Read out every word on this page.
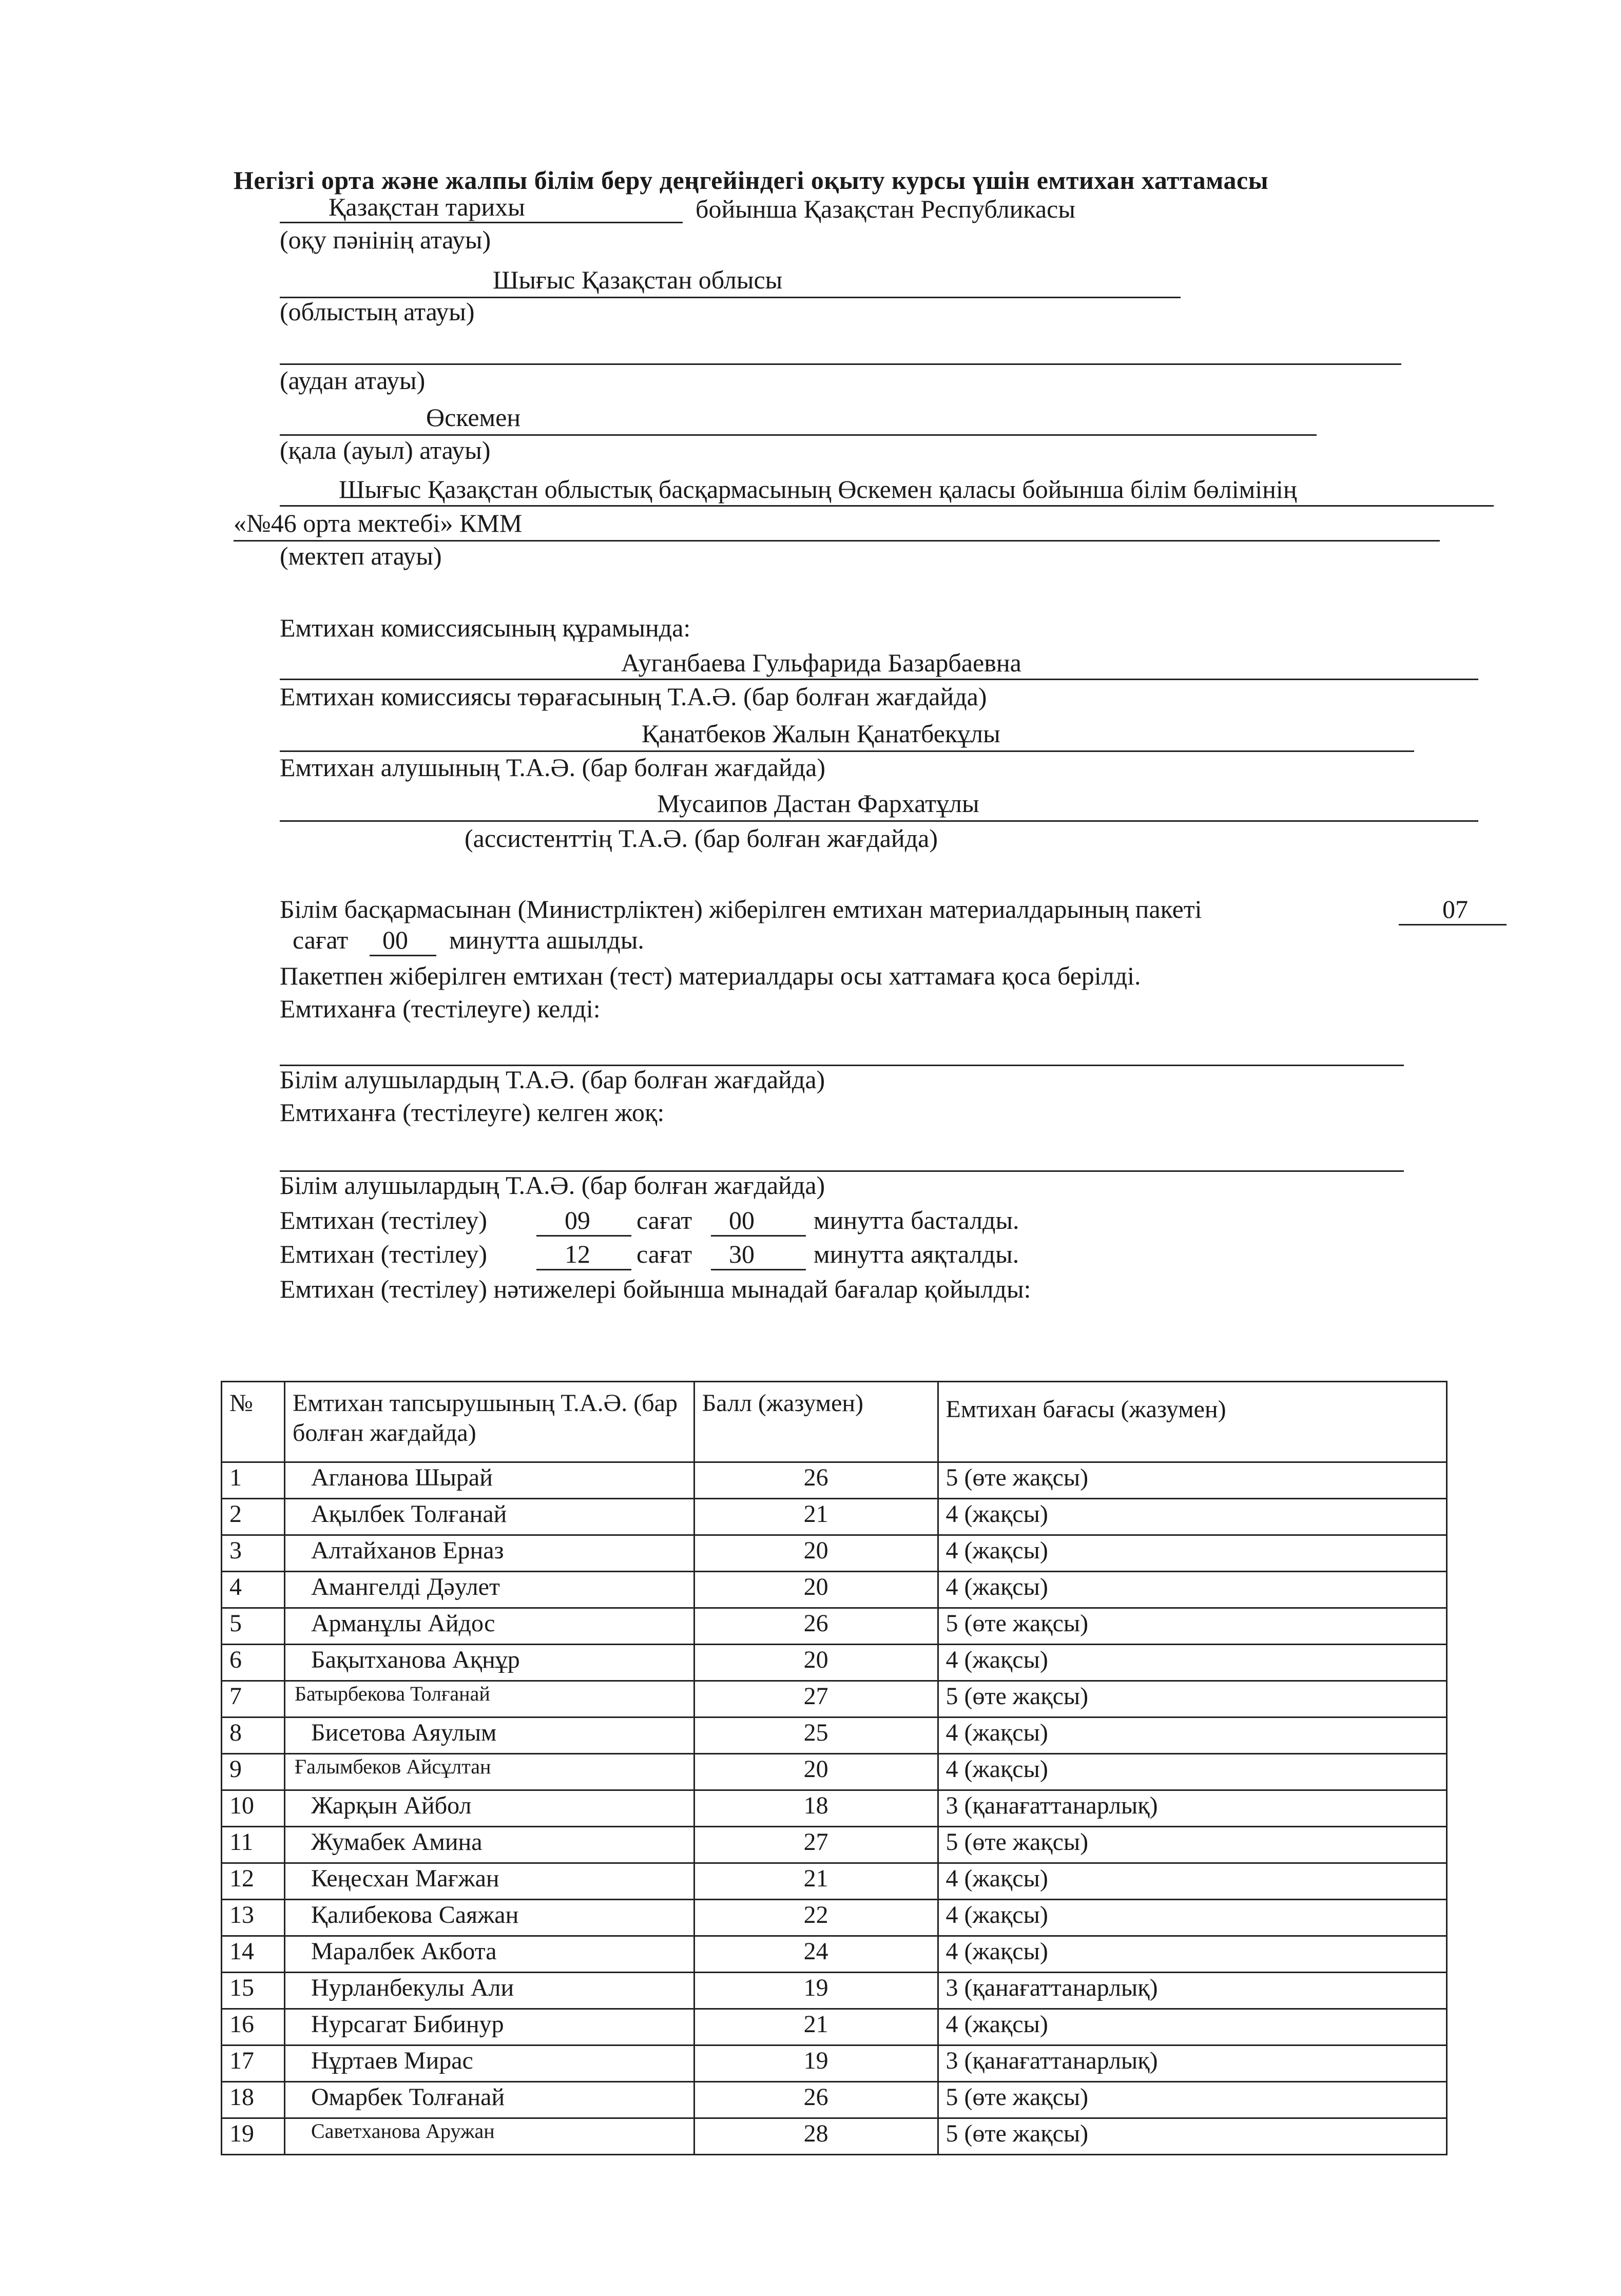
Негізгі орта және жалпы білім беру деңгейіндегі оқыту курсы үшін емтихан хаттамасы
Қазақстан тарихы	бойынша Қазақстан Республикасы
(оқу пәнінің атауы)
Шығыс Қазақстан облысы
(облыстың атауы)
(аудан атауы)
Өскемен
(қала (ауыл) атауы)
Шығыс Қазақстан облыстық басқармасының Өскемен қаласы бойынша білім бөлімінің
«№46 орта мектебі» КММ
(мектеп атауы)
Емтихан комиссиясының құрамында:
Ауганбаева Гульфарида Базарбаевна
Емтихан комиссиясы төрағасының Т.А.Ә. (бар болған жағдайда)
Қанатбеков Жалын Қанатбекұлы
Емтихан алушының Т.А.Ә. (бар болған жағдайда)
Мусаипов Дастан Фархатұлы
(ассистенттің Т.А.Ә. (бар болған жағдайда)
Білім басқармасынан (Министрліктен) жіберілген емтихан материалдарының пакеті	07
сағат 00 минутта ашылды.
Пакетпен жіберілген емтихан (тест) материалдары осы хаттамаға қоса берілді.
Емтиханға (тестілеуге) келді:
Білім алушылардың Т.А.Ә. (бар болған жағдайда)
Емтиханға (тестілеуге) келген жоқ:
Білім алушылардың Т.А.Ә. (бар болған жағдайда)
Емтихан (тестілеу)	09 сағат 00 минутта басталды.
Емтихан (тестілеу)	12 сағат 30 минутта аяқталды.
Емтихан (тестілеу) нәтижелері бойынша мынадай бағалар қойылды:
№	Емтихан тапсырушының Т.А.Ә. (бар болған жағдайда)	Балл (жазумен)	Емтихан бағасы (жазумен)
1	Агланова Шырай	26	5 (өте жақсы)
2	Ақылбек Толғанай	21	4 (жақсы)
3	Алтайханов Ерназ	20	4 (жақсы)
4	Амангелді Дәулет	20	4 (жақсы)
5	Арманұлы Айдос	26	5 (өте жақсы)
6	Бақытханова Ақнұр	20	4 (жақсы)
7	Батырбекова Толғанай	27	5 (өте жақсы)
8	Бисетова Аяулым	25	4 (жақсы)
9	Ғалымбеков Айсұлтан	20	4 (жақсы)
10	Жарқын Айбол	18	3 (қанағаттанарлық)
11	Жумабек Амина	27	5 (өте жақсы)
12	Кеңесхан Мағжан	21	4 (жақсы)
13	Қалибекова Саяжан	22	4 (жақсы)
14	Маралбек Акбота	24	4 (жақсы)
15	Нурланбекулы Али	19	3 (қанағаттанарлық)
16	Нурсагат Бибинур	21	4 (жақсы)
17	Нұртаев Мирас	19	3 (қанағаттанарлық)
18	Омарбек Толғанай	26	5 (өте жақсы)
19	Саветханова Аружан	28	5 (өте жақсы)
